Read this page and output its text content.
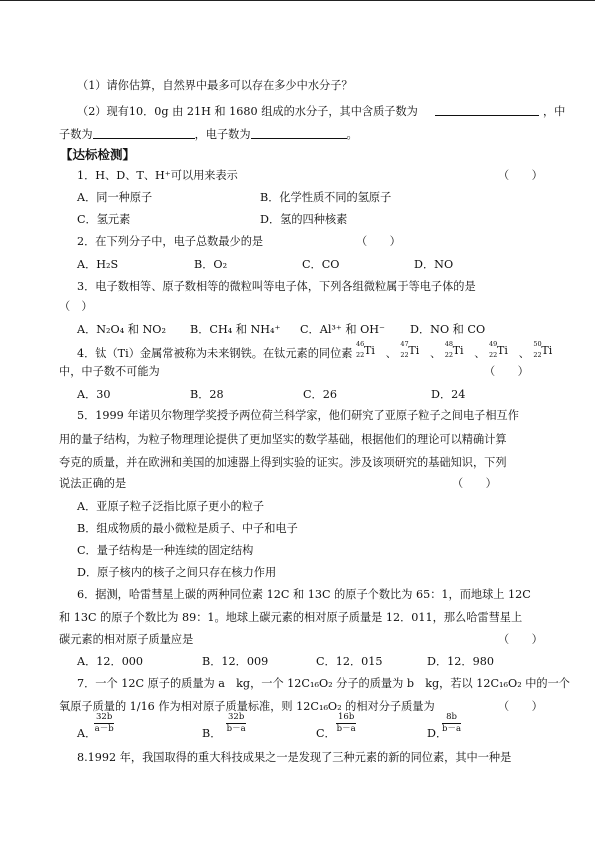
（1）请你估算，自然界中最多可以存在多少中水分子？
（2）现有10．0g 由 21H 和 1680 组成的水分子，其中含质子数为	，中
子数为	，电子数为	。
【达标检测】
1．H、D、T、H⁺可以用来表示	（　　）
A．同一种原子	B．化学性质不同的氢原子
C．氢元素	D．氢的四种核素
2．在下列分子中，电子总数最少的是	（　　）
A．H₂S	B．O₂	C．CO	D．NO
3．电子数相等、原子数相等的微粒叫等电子体，下列各组微粒属于等电子体的是
（　）
A．N₂O₄ 和 NO₂ B．CH₄ 和 NH₄⁺ C．Al³⁺ 和 OH⁻ D．NO 和 CO
4．钛（Ti）金属常被称为未来钢铁。在钛元素的同位素
46
22 Ti 、
47
22 Ti 、
48
22 Ti 、
49
22 Ti 、
50
22 Ti
中，中子数不可能为	（　　）
A．30	B．28	C．26	D．24
5．1999 年诺贝尔物理学奖授予两位荷兰科学家，他们研究了亚原子粒子之间电子相互作
用的量子结构，为粒子物理理论提供了更加坚实的数学基础，根据他们的理论可以精确计算
夸克的质量，并在欧洲和美国的加速器上得到实验的证实。涉及该项研究的基础知识，下列
说法正确的是	（　　）
A．亚原子粒子泛指比原子更小的粒子
B．组成物质的最小微粒是质子、中子和电子
C．量子结构是一种连续的固定结构
D．原子核内的核子之间只存在核力作用
6．据测，哈雷彗星上碳的两种同位素 12C 和 13C 的原子个数比为 65：1，而地球上 12C
和 13C 的原子个数比为 89：1。地球上碳元素的相对原子质量是 12．011，那么哈雷彗星上
碳元素的相对原子质量应是	（　　）
A．12．000	B．12．009	C．12．015	D．12．980
7．一个 12C 原子的质量为 a　kg，一个 12C₁₆O₂ 分子的质量为 b　kg，若以 12C₁₆O₂ 中的一个
氧原子质量的 1/16 作为相对原子质量标准，则 12C₁₆O₂ 的相对分子质量为	（　　）
A．
$\frac{32b}{a-b}$
B．
$\frac{32b}{b-a}$
C．
$\frac{16b}{b-a}$
D．
$\frac{8b}{b-a}$
8.1992 年，我国取得的重大科技成果之一是发现了三种元素的新的同位素，其中一种是
